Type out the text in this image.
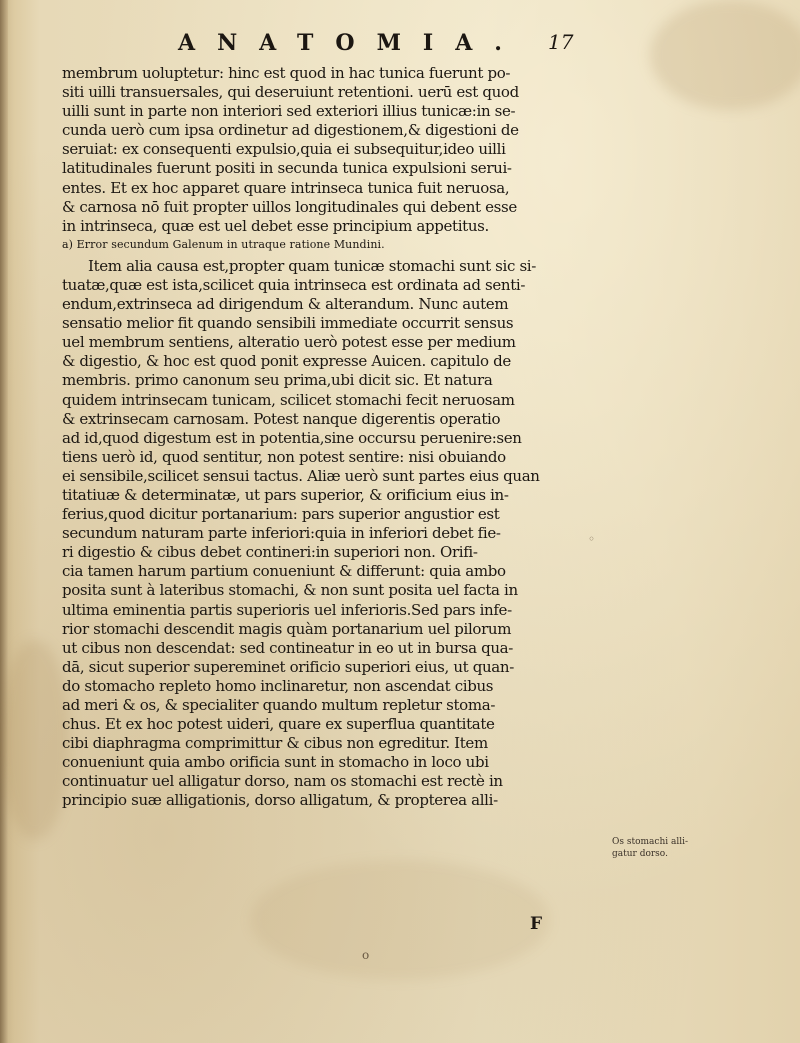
ANATOMIA.	17
membrum uoluptetur: hinc est quod in hac tunica fuerunt po-
siti uilli transuersales, qui deseruiunt retentioni. uerū est quod
uilli sunt in parte non interiori sed exteriori illius tunicæ:in se-
cunda uerò cum ipsa ordinetur ad digestionem,& digestioni de
seruiat: ex consequenti expulsio,quia ei subsequitur,ideo uilli
latitudinales fuerunt positi in secunda tunica expulsioni serui-
entes. Et ex hoc apparet quare intrinseca tunica fuit neruosa,
& carnosa nō fuit propter uillos longitudinales qui debent esse
in intrinseca, quæ est uel debet esse principium appetitus.
a) Error secundum Galenum in utraque ratione Mundini.
Item alia causa est,propter quam tunicæ stomachi sunt sic si-
tuatæ,quæ est ista,scilicet quia intrinseca est ordinata ad senti-
endum,extrinseca ad dirigendum & alterandum. Nunc autem
sensatio melior fit quando sensibili immediate occurrit sensus
uel membrum sentiens, alteratio uerò potest esse per medium
& digestio, & hoc est quod ponit expresse Auicen. capitulo de
membris. primo canonum seu prima,ubi dicit sic. Et natura
quidem intrinsecam tunicam, scilicet stomachi fecit neruosam
& extrinsecam carnosam. Potest nanque digerentis operatio
ad id,quod digestum est in potentia,sine occursu peruenire:sen
tiens uerò id, quod sentitur, non potest sentire: nisi obuiando
ei sensibile,scilicet sensui tactus. Aliæ uerò sunt partes eius quan
titatiuæ & determinatæ, ut pars superior, & orificium eius in-
ferius,quod dicitur portanarium: pars superior angustior est
secundum naturam parte inferiori:quia in inferiori debet fie-
ri digestio & cibus debet contineri:in superiori non. Orifi-
cia tamen harum partium conueniunt & differunt: quia ambo
posita sunt à lateribus stomachi, & non sunt posita uel facta in
ultima eminentia partis superioris uel inferioris.Sed pars infe-
rior stomachi descendit magis quàm portanarium uel pilorum
ut cibus non descendat: sed contineatur in eo ut in bursa qua-
dā, sicut superior supereminet orificio superiori eius, ut quan-
do stomacho repleto homo inclinaretur, non ascendat cibus
ad meri & os, & specialiter quando multum repletur stoma-
chus. Et ex hoc potest uideri, quare ex superflua quantitate
cibi diaphragma comprimittur & cibus non egreditur. Item
conueniunt quia ambo orificia sunt in stomacho in loco ubi
continuatur uel alligatur dorso, nam os stomachi est rectè in
principio suæ alligationis, dorso alligatum, & propterea alli-
◦
Os stomachi alli-
gatur dorso.
F
o
